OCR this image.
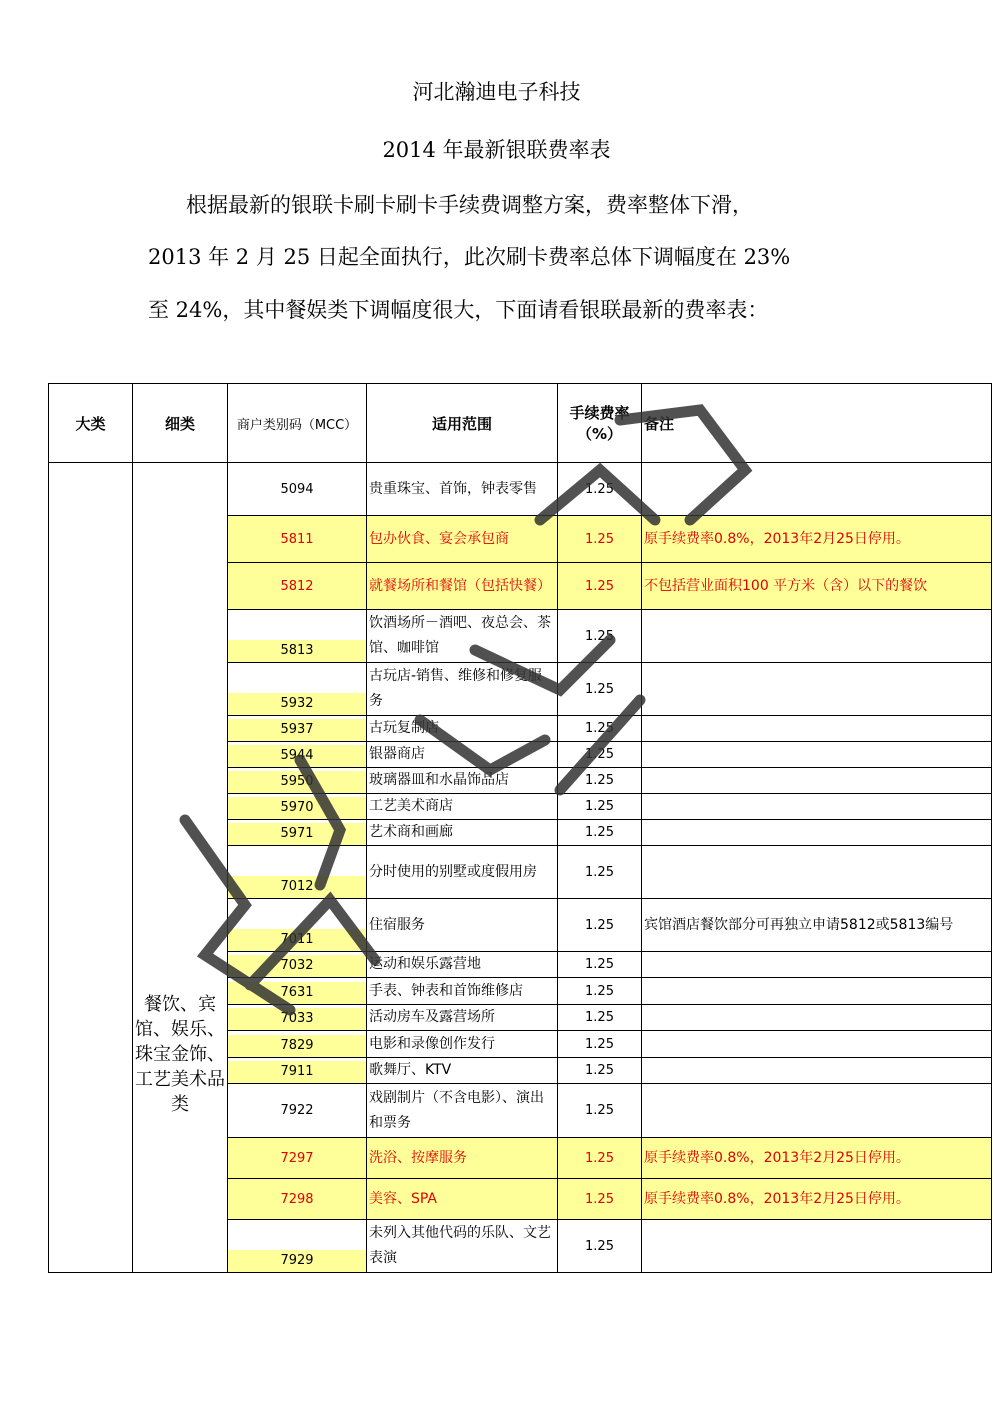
河北瀚迪电子科技
2014 年最新银联费率表
根据最新的银联卡刷卡刷卡手续费调整方案，费率整体下滑，
2013 年 2 月 25 日起全面执行，此次刷卡费率总体下调幅度在 23%
至 24%，其中餐娱类下调幅度很大，下面请看银联最新的费率表：
大类	细类	商户类别码（MCC）	适用范围	手续费率（%）	备注
	餐饮、宾馆、娱乐、珠宝金饰、工艺美术品类	5094	贵重珠宝、首饰，钟表零售	1.25	

		5811	包办伙食、宴会承包商	1.25	原手续费率0.8%，2013年2月25日停用。

		5812	就餐场所和餐馆（包括快餐）	1.25	不包括营业面积100 平方米（含）以下的餐饮

		5813	饮酒场所－酒吧、夜总会、茶馆、咖啡馆	1.25	

		5932	古玩店-销售、维修和修复服务	1.25	

		5937	古玩复制店	1.25	

		5944	银器商店	1.25	

		5950	玻璃器皿和水晶饰品店	1.25	

		5970	工艺美术商店	1.25	

		5971	艺术商和画廊	1.25	

		7012	分时使用的别墅或度假用房	1.25	

		7011	住宿服务	1.25	宾馆酒店餐饮部分可再独立申请5812或5813编号

		7032	运动和娱乐露营地	1.25	

		7631	手表、钟表和首饰维修店	1.25	

		7033	活动房车及露营场所	1.25	

		7829	电影和录像创作发行	1.25	

		7911	歌舞厅、KTV	1.25	

		7922	戏剧制片（不含电影）、演出和票务	1.25	

		7297	洗浴、按摩服务	1.25	原手续费率0.8%，2013年2月25日停用。

		7298	美容、SPA	1.25	原手续费率0.8%，2013年2月25日停用。

		7929	未列入其他代码的乐队、文艺表演	1.25	
